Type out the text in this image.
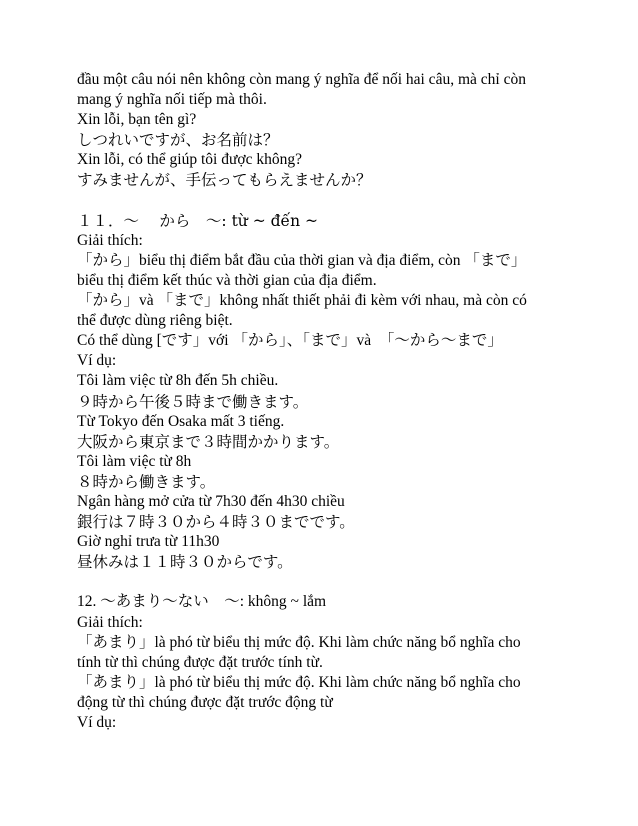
đầu một câu nói nên không còn mang ý nghĩa để nối hai câu, mà chỉ còn
mang ý nghĩa nối tiếp mà thôi.
Xin lỗi, bạn tên gì?
しつれいですが、お名前は？
Xin lỗi, có thể giúp tôi được không?
すみませんが、手伝ってもらえませんか？
１１．～　 から　～: từ ~ đến ~
Giải thích:
「から」biểu thị điểm bắt đầu của thời gian và địa điểm, còn 「まで」
biểu thị điểm kết thúc và thời gian của địa điểm.
「から」và 「まで」không nhất thiết phải đi kèm với nhau, mà còn có
thể được dùng riêng biệt.
Có thể dùng [です」với 「から」、「まで」và　「～から～まで」
Ví dụ:
Tôi làm việc từ 8h đến 5h chiều.
９時から午後５時まで働きます。
Từ Tokyo đến Osaka mất 3 tiếng.
大阪から東京まで３時間かかります。
Tôi làm việc từ 8h
８時から働きます。
Ngân hàng mở cửa từ 7h30 đến 4h30 chiều
銀行は７時３０から４時３０までです。
Giờ nghỉ trưa từ 11h30
昼休みは１１時３０からです。
12. ～あまり～ない　～: không ~ lắm
Giải thích:
「あまり」là phó từ biểu thị mức độ. Khi làm chức năng bổ nghĩa cho
tính từ thì chúng được đặt trước tính từ.
「あまり」là phó từ biểu thị mức độ. Khi làm chức năng bổ nghĩa cho
động từ thì chúng được đặt trước động từ
Ví dụ:
